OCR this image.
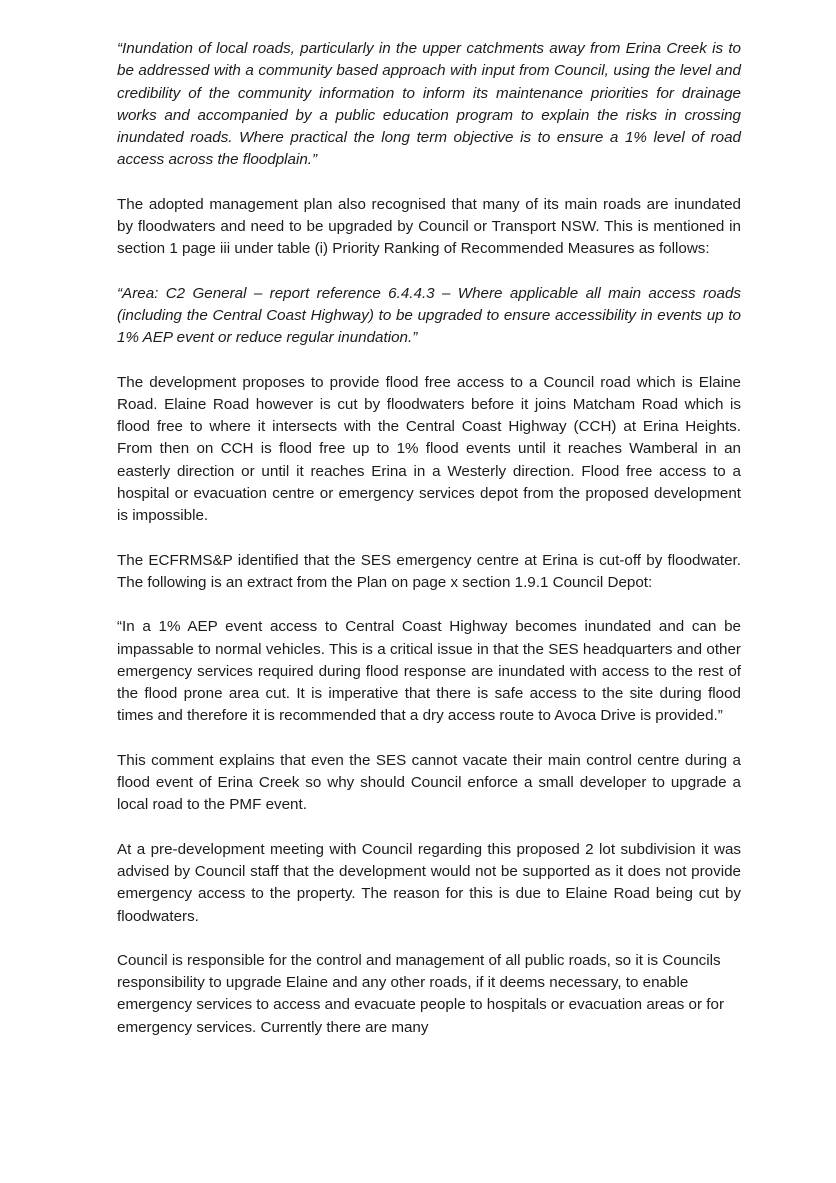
“Inundation of local roads, particularly in the upper catchments away from Erina Creek is to be addressed with a community based approach with input from Council, using the level and credibility of the community information to inform its maintenance priorities for drainage works and accompanied by a public education program to explain the risks in crossing inundated roads. Where practical the long term objective is to ensure a 1% level of road access across the floodplain.”

The adopted management plan also recognised that many of its main roads are inundated by floodwaters and need to be upgraded by Council or Transport NSW. This is mentioned in section 1 page iii under table (i) Priority Ranking of Recommended Measures as follows:

“Area: C2 General – report reference 6.4.4.3 – Where applicable all main access roads (including the Central Coast Highway) to be upgraded to ensure accessibility in events up to 1% AEP event or reduce regular inundation.”

The development proposes to provide flood free access to a Council road which is Elaine Road. Elaine Road however is cut by floodwaters before it joins Matcham Road which is flood free to where it intersects with the Central Coast Highway (CCH) at Erina Heights. From then on CCH is flood free up to 1% flood events until it reaches Wamberal in an easterly direction or until it reaches Erina in a Westerly direction. Flood free access to a hospital or evacuation centre or emergency services depot from the proposed development is impossible.

The ECFRMS&P identified that the SES emergency centre at Erina is cut-off by floodwater. The following is an extract from the Plan on page x section 1.9.1 Council Depot:

“In a 1% AEP event access to Central Coast Highway becomes inundated and can be impassable to normal vehicles. This is a critical issue in that the SES headquarters and other emergency services required during flood response are inundated with access to the rest of the flood prone area cut. It is imperative that there is safe access to the site during flood times and therefore it is recommended that a dry access route to Avoca Drive is provided.”

This comment explains that even the SES cannot vacate their main control centre during a flood event of Erina Creek so why should Council enforce a small developer to upgrade a local road to the PMF event.

At a pre-development meeting with Council regarding this proposed 2 lot subdivision it was advised by Council staff that the development would not be supported as it does not provide emergency access to the property. The reason for this is due to Elaine Road being cut by floodwaters.

Council is responsible for the control and management of all public roads, so it is Councils responsibility to upgrade Elaine and any other roads, if it deems necessary, to enable emergency services to access and evacuate people to hospitals or evacuation areas or for emergency services. Currently there are many
